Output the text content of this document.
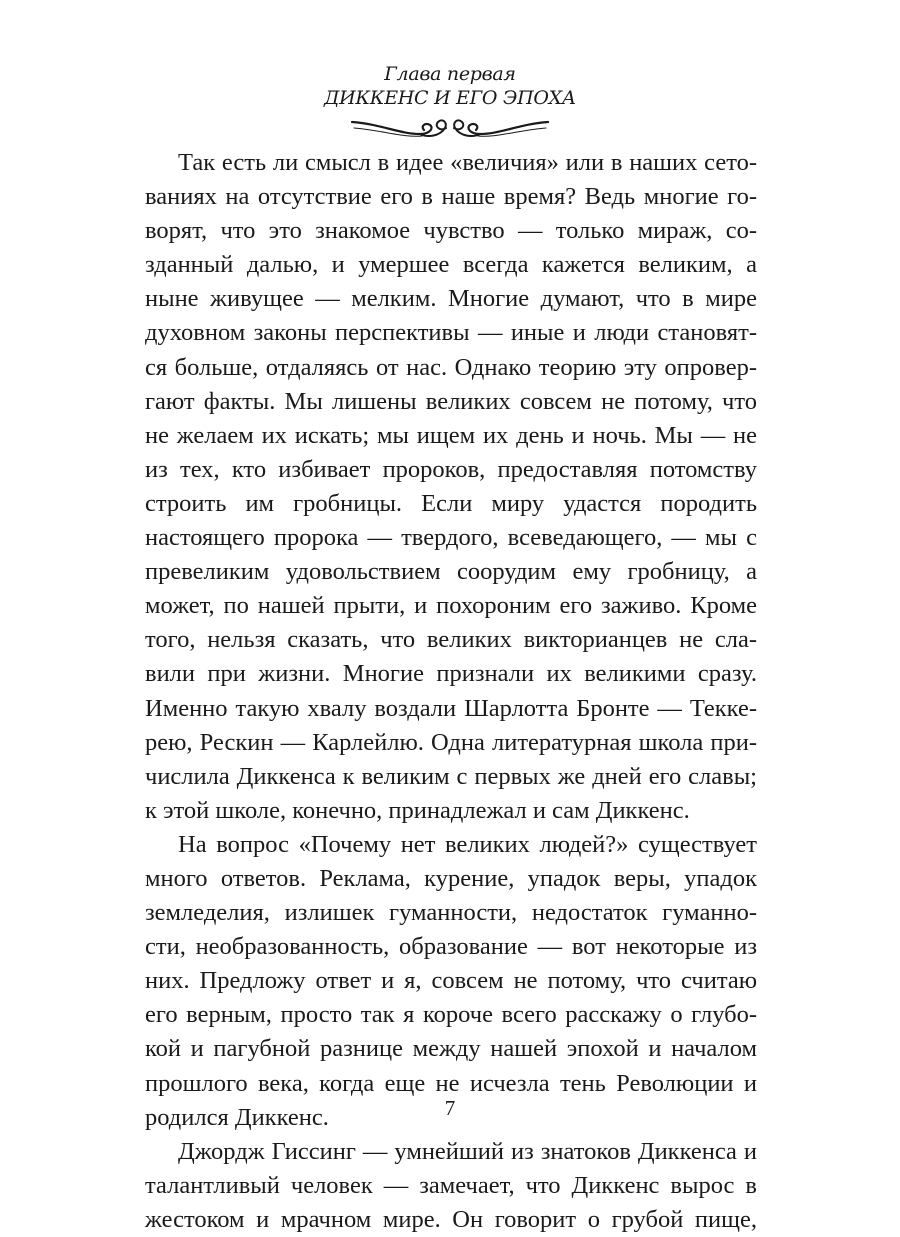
Глава первая
ДИККЕНС И ЕГО ЭПОХА
Так есть ли смысл в идее «величия» или в наших сето-
ваниях на отсутствие его в наше время? Ведь многие го-
ворят, что это знакомое чувство — только мираж, со-
зданный далью, и умершее всегда кажется великим, а
ныне живущее — мелким. Многие думают, что в мире
духовном законы перспективы — иные и люди становят-
ся больше, отдаляясь от нас. Однако теорию эту опровер-
гают факты. Мы лишены великих совсем не потому, что
не желаем их искать; мы ищем их день и ночь. Мы — не
из тех, кто избивает пророков, предоставляя потомству
строить им гробницы. Если миру удастся породить
настоящего пророка — твердого, всеведающего, — мы с
превеликим удовольствием соорудим ему гробницу, а
может, по нашей прыти, и похороним его заживо. Кроме
того, нельзя сказать, что великих викторианцев не сла-
вили при жизни. Многие признали их великими сразу.
Именно такую хвалу воздали Шарлотта Бронте — Текке-
рею, Рескин — Карлейлю. Одна литературная школа при-
числила Диккенса к великим с первых же дней его славы;
к этой школе, конечно, принадлежал и сам Диккенс.
На вопрос «Почему нет великих людей?» существует
много ответов. Реклама, курение, упадок веры, упадок
земледелия, излишек гуманности, недостаток гуманно-
сти, необразованность, образование — вот некоторые из
них. Предложу ответ и я, совсем не потому, что считаю
его верным, просто так я короче всего расскажу о глубо-
кой и пагубной разнице между нашей эпохой и началом
прошлого века, когда еще не исчезла тень Революции и
родился Диккенс.
Джордж Гиссинг — умнейший из знатоков Диккенса и
талантливый человек — замечает, что Диккенс вырос в
жестоком и мрачном мире. Он говорит о грубой пище,
7
